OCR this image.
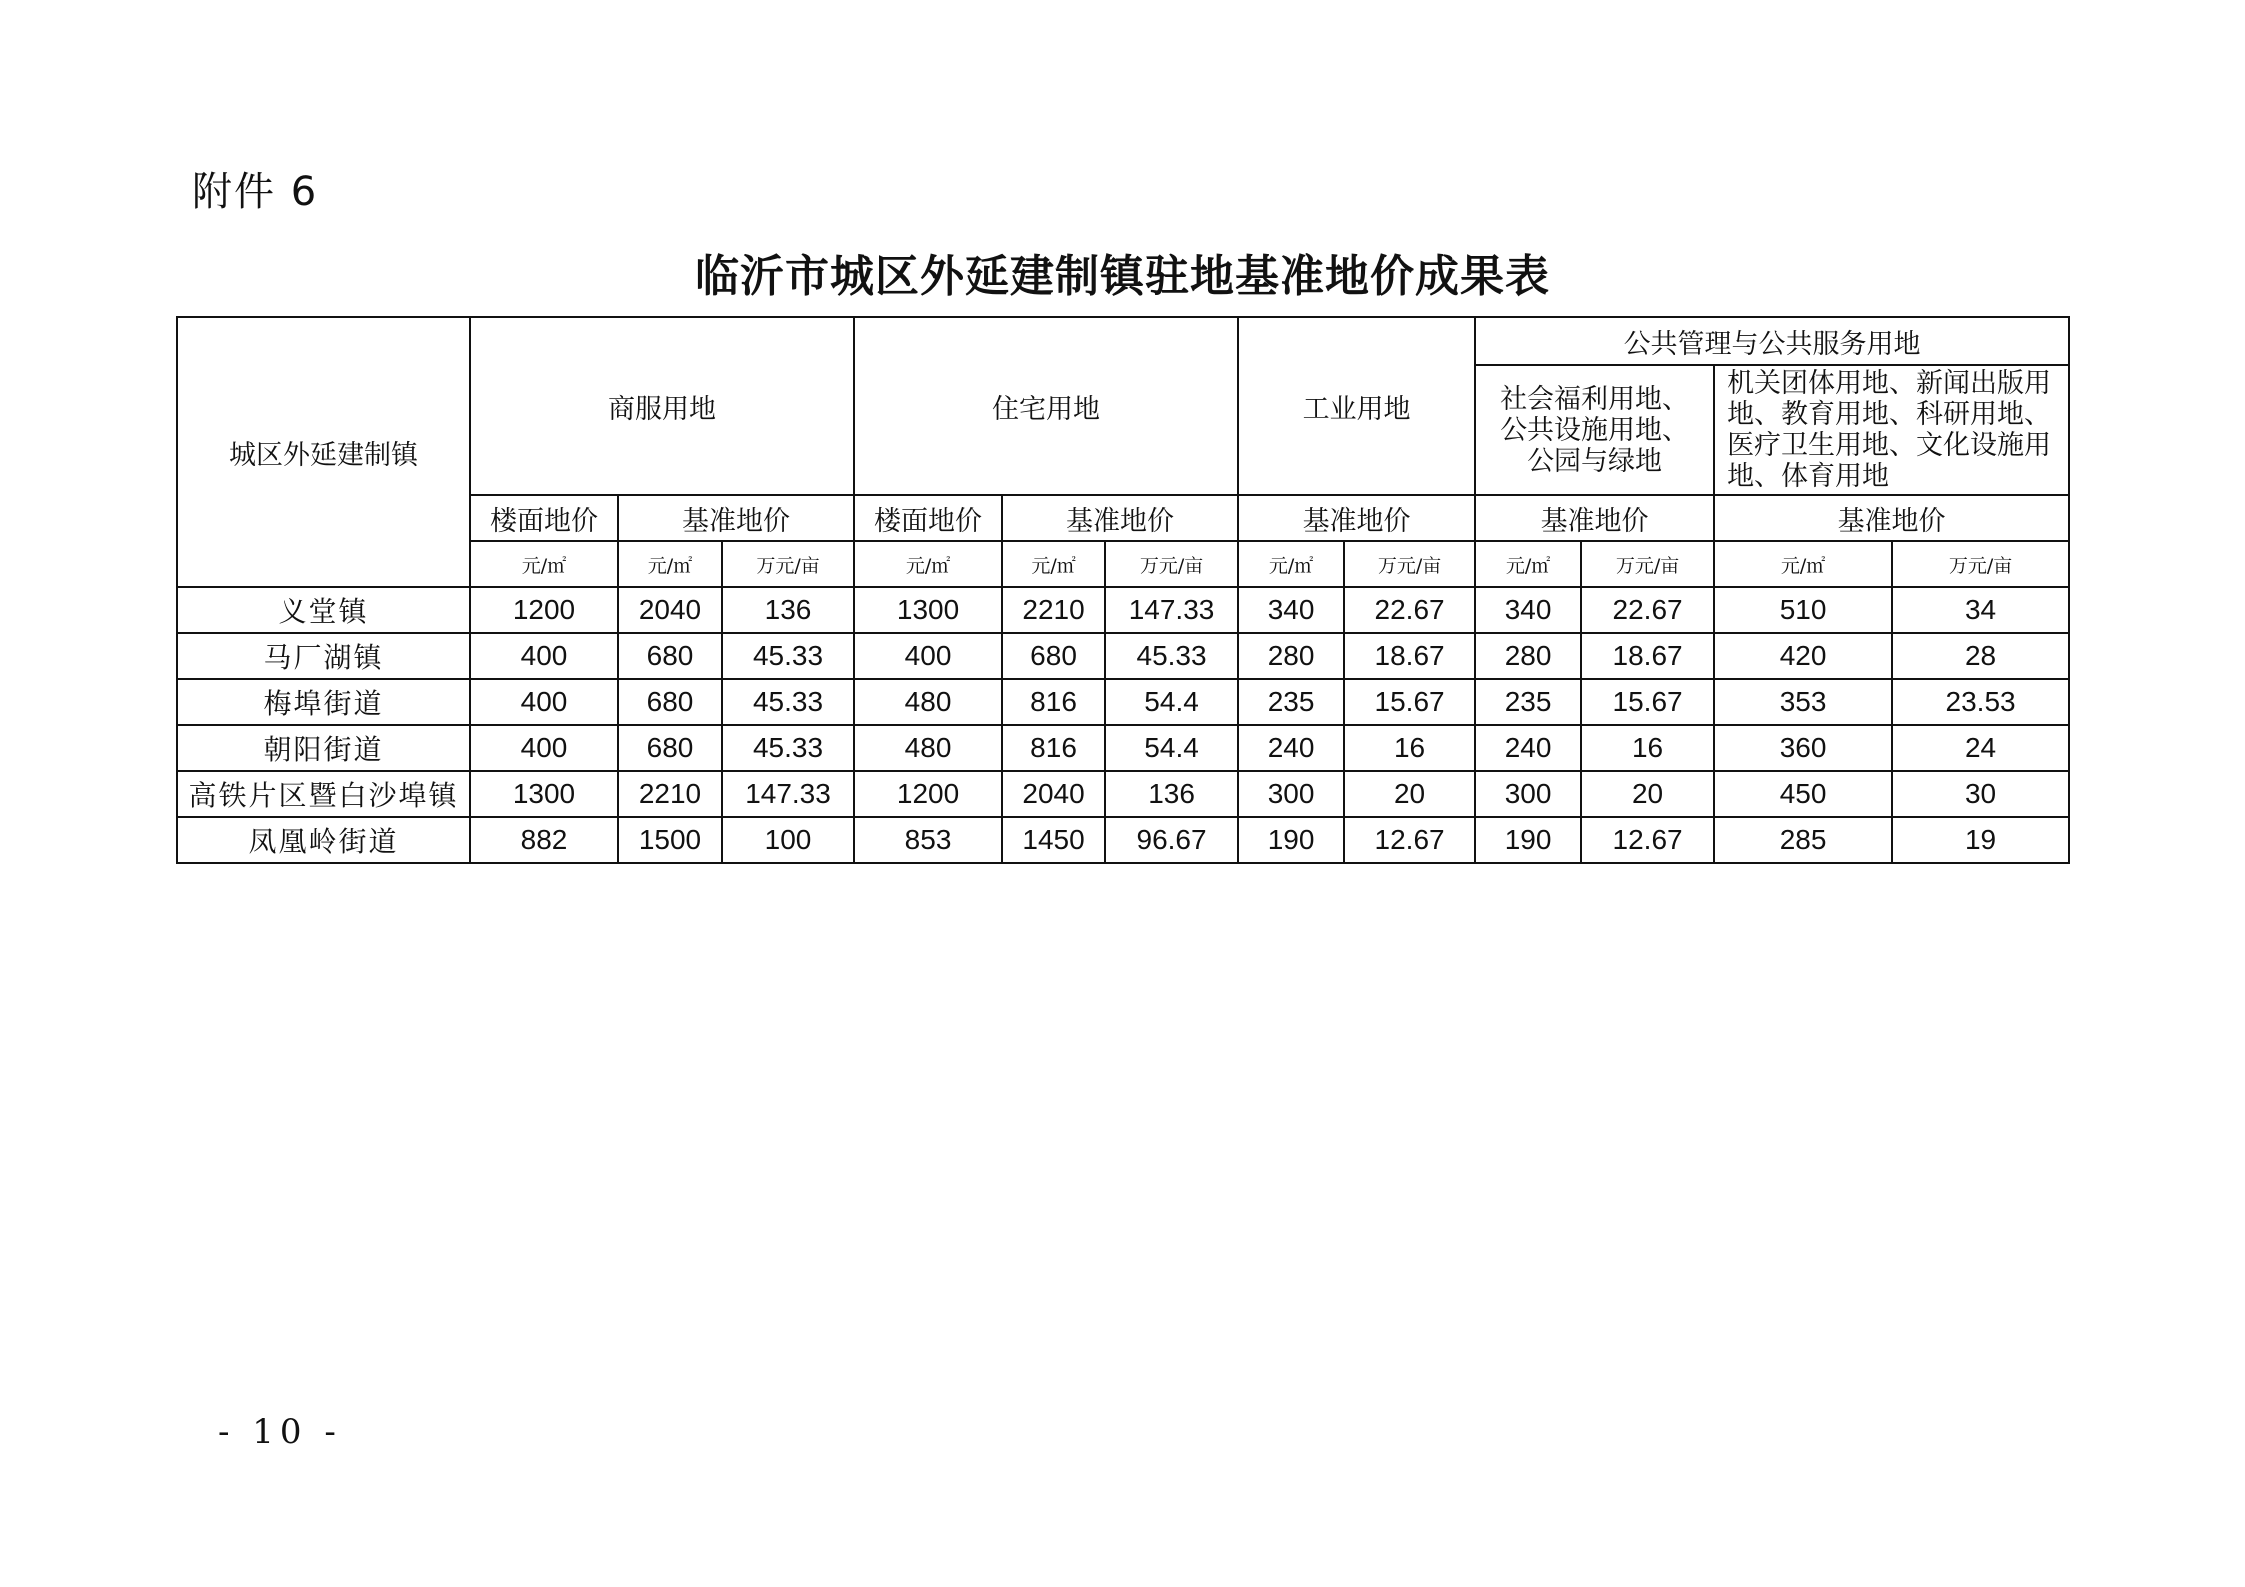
附件 6
临沂市城区外延建制镇驻地基准地价成果表
城区外延建制镇	商服用地			住宅用地			工业用地		公共管理与公共服务用地			
									社会福利用地、公共设施用地、公园与绿地		机关团体用地、新闻出版用地、教育用地、科研用地、医疗卫生用地、文化设施用地、体育用地	
	楼面地价	基准地价		楼面地价	基准地价		基准地价		基准地价		基准地价	
	元/㎡	元/㎡	万元/亩	元/㎡	元/㎡	万元/亩	元/㎡	万元/亩	元/㎡	万元/亩	元/㎡	万元/亩
义堂镇	1200	2040	136	1300	2210	147.33	340	22.67	340	22.67	510	34
马厂湖镇	400	680	45.33	400	680	45.33	280	18.67	280	18.67	420	28
梅埠街道	400	680	45.33	480	816	54.4	235	15.67	235	15.67	353	23.53
朝阳街道	400	680	45.33	480	816	54.4	240	16	240	16	360	24
高铁片区暨白沙埠镇	1300	2210	147.33	1200	2040	136	300	20	300	20	450	30
凤凰岭街道	882	1500	100	853	1450	96.67	190	12.67	190	12.67	285	19
- 10 -
